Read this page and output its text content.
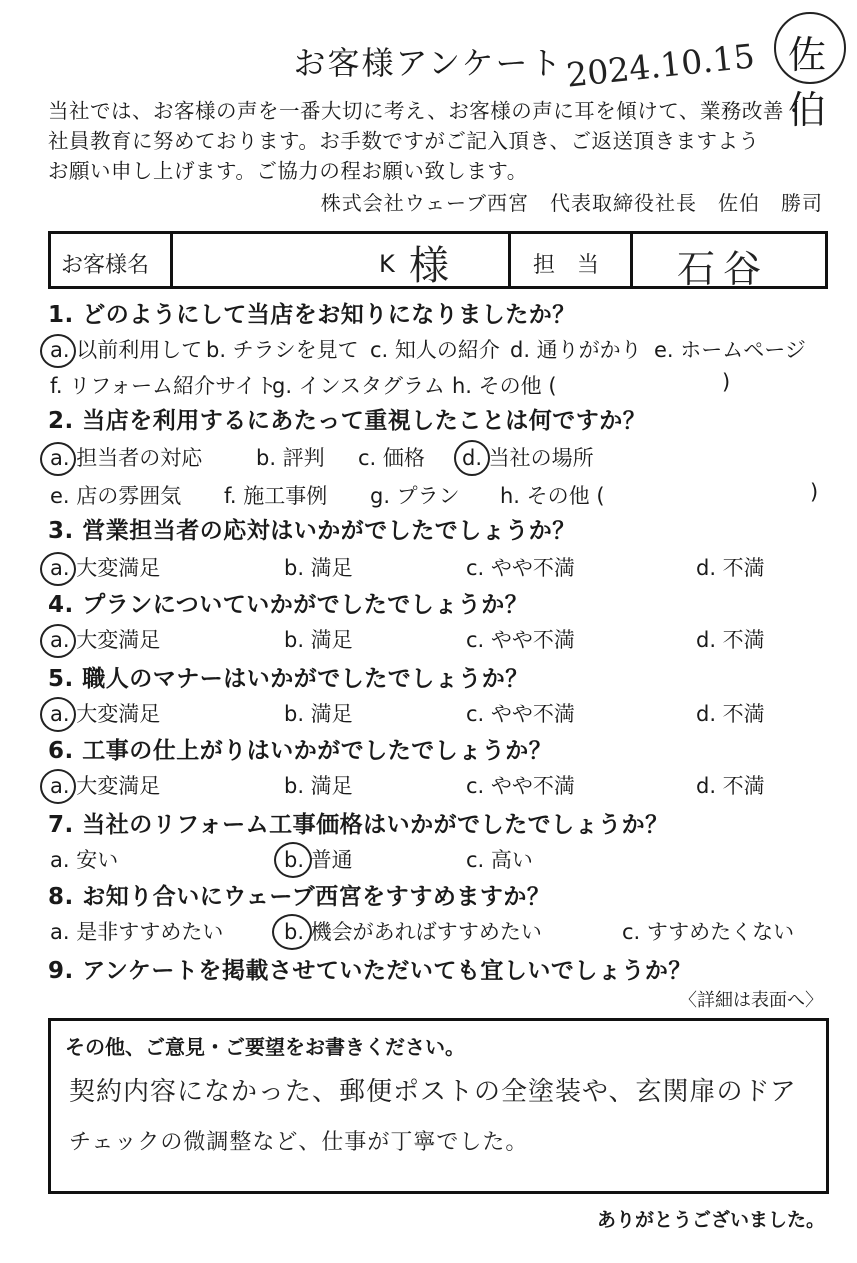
お客様アンケート 2024.10.15 佐伯
当社では、お客様の声を一番大切に考え、お客様の声に耳を傾けて、業務改善・
社員教育に努めております。お手数ですがご記入頂き、ご返送頂きますよう
お願い申し上げます。ご協力の程お願い致します。
株式会社ウェーブ西宮　代表取締役社長　佐伯　勝司
お客様名	K 様	担　当 石谷
1. どのようにして当店をお知りになりましたか？
a. 以前利用して b. チラシを見て c. 知人の紹介 d. 通りがかり e. ホームページ
f. リフォーム紹介サイト
g. インスタグラム h. その他 (	)
2. 当店を利用するにあたって重視したことは何ですか？
a. 担当者の対応	b. 評判 c. 価格 d. 当社の場所
e. 店の雰囲気 f. 施工事例 g. プラン h. その他 (	)
3. 営業担当者の応対はいかがでしたでしょうか？
a. 大変満足	b. 満足	c. やや不満	d. 不満
4. プランについていかがでしたでしょうか？
a. 大変満足	b. 満足	c. やや不満	d. 不満
5. 職人のマナーはいかがでしたでしょうか？
a. 大変満足	b. 満足	c. やや不満	d. 不満
6. 工事の仕上がりはいかがでしたでしょうか？
a. 大変満足	b. 満足	c. やや不満	d. 不満
7. 当社のリフォーム工事価格はいかがでしたでしょうか？
a. 安い	b. 普通	c. 高い
8. お知り合いにウェーブ西宮をすすめますか？
a. 是非すすめたい	b. 機会があればすすめたい	c. すすめたくない
9. アンケートを掲載させていただいても宜しいでしょうか？
〈詳細は表面へ〉
その他、ご意見・ご要望をお書きください。
契約内容になかった、郵便ポストの全塗装や、玄関扉のドア
チェックの微調整など、仕事が丁寧でした。
ありがとうございました。
